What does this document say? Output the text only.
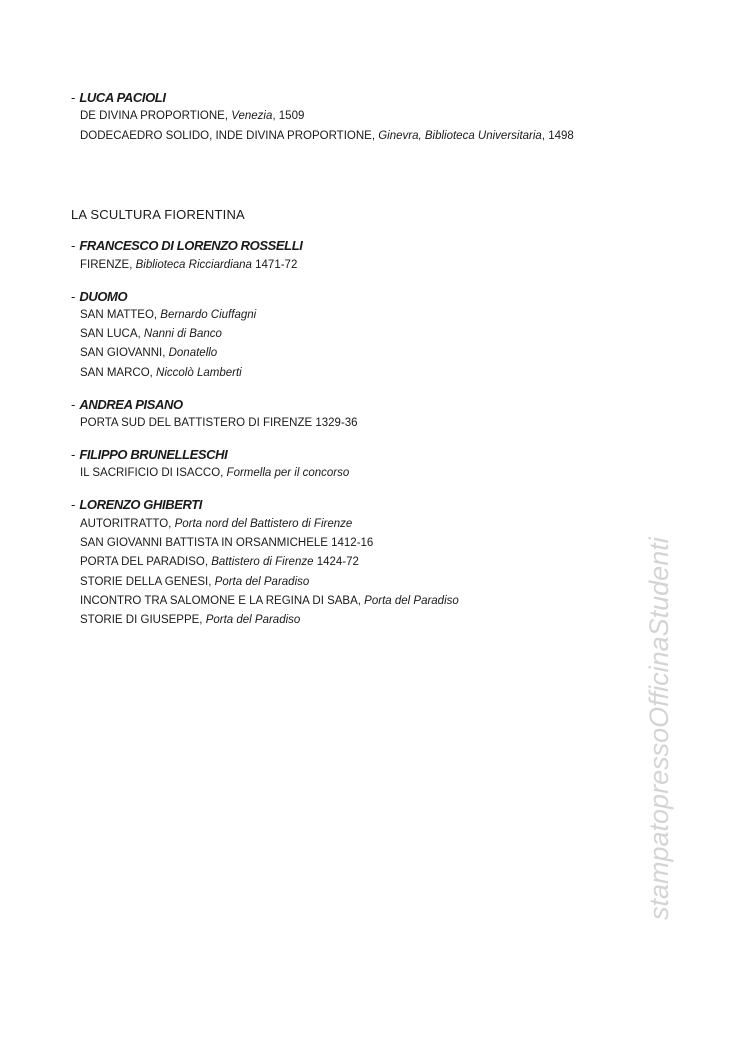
- LUCA PACIOLI
DE DIVINA PROPORTIONE, Venezia, 1509
DODECAEDRO SOLIDO, INDE DIVINA PROPORTIONE, Ginevra, Biblioteca Universitaria, 1498
LA SCULTURA FIORENTINA
- FRANCESCO DI LORENZO ROSSELLI
FIRENZE, Biblioteca Ricciardiana 1471-72
- DUOMO
SAN MATTEO, Bernardo Ciuffagni
SAN LUCA, Nanni di Banco
SAN GIOVANNI, Donatello
SAN MARCO, Niccolò Lamberti
- ANDREA PISANO
PORTA SUD DEL BATTISTERO DI FIRENZE 1329-36
- FILIPPO BRUNELLESCHI
IL SACRIFICIO DI ISACCO, Formella per il concorso
- LORENZO GHIBERTI
AUTORITRATTO, Porta nord del Battistero di Firenze
SAN GIOVANNI BATTISTA IN ORSANMICHELE 1412-16
PORTA DEL PARADISO, Battistero di Firenze 1424-72
STORIE DELLA GENESI, Porta del Paradiso
INCONTRO TRA SALOMONE E LA REGINA DI SABA, Porta del Paradiso
STORIE DI GIUSEPPE, Porta del Paradiso	stampatopressoOfficinaStudenti
